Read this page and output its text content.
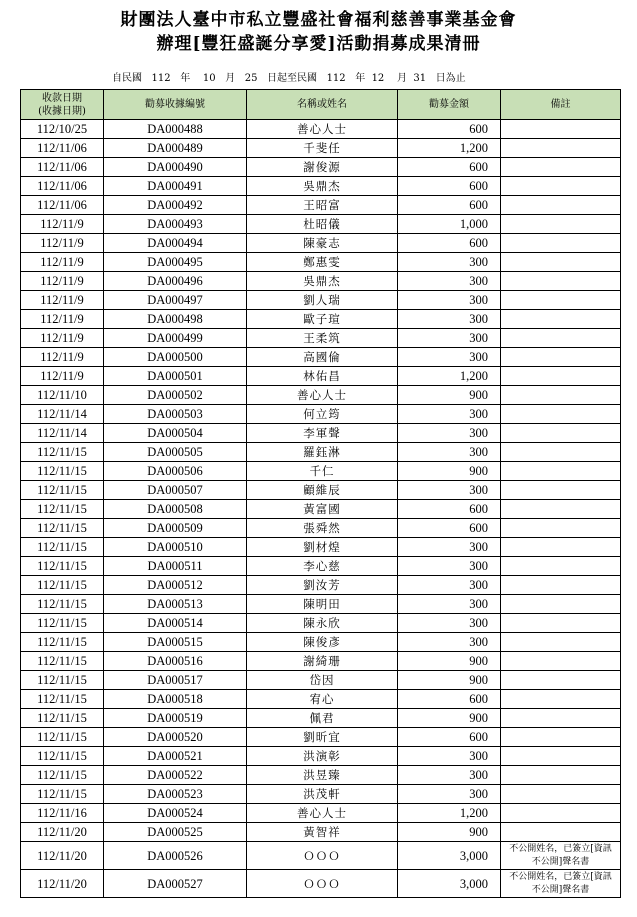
財團法人臺中市私立豐盛社會福利慈善事業基金會
辦理[豐狂盛誕分享愛]活動捐募成果清冊
自民國 112 年 10 月 25 日起至民國 112 年 12 月 31 日為止
收款日期
(收據日期)	勸募收據編號	名稱或姓名	勸募金額	備註
112/10/25	DA000488	善心人士	600	
112/11/06	DA000489	千斐任	1,200	
112/11/06	DA000490	謝俊源	600	
112/11/06	DA000491	吳鼎杰	600	
112/11/06	DA000492	王昭富	600	
112/11/9	DA000493	杜昭儀	1,000	
112/11/9	DA000494	陳豪志	600	
112/11/9	DA000495	鄭惠雯	300	
112/11/9	DA000496	吳鼎杰	300	
112/11/9	DA000497	劉人瑞	300	
112/11/9	DA000498	歐子瑄	300	
112/11/9	DA000499	王柔筑	300	
112/11/9	DA000500	高國倫	300	
112/11/9	DA000501	林佑昌	1,200	
112/11/10	DA000502	善心人士	900	
112/11/14	DA000503	何立筠	300	
112/11/14	DA000504	李軍聲	300	
112/11/15	DA000505	羅鈺淋	300	
112/11/15	DA000506	千仁	900	
112/11/15	DA000507	顧維辰	300	
112/11/15	DA000508	黃富國	600	
112/11/15	DA000509	張舜然	600	
112/11/15	DA000510	劉材煌	300	
112/11/15	DA000511	李心慈	300	
112/11/15	DA000512	劉汝芳	300	
112/11/15	DA000513	陳明田	300	
112/11/15	DA000514	陳永欣	300	
112/11/15	DA000515	陳俊彥	300	
112/11/15	DA000516	謝綺珊	900	
112/11/15	DA000517	岱因	900	
112/11/15	DA000518	宥心	600	
112/11/15	DA000519	佩君	900	
112/11/15	DA000520	劉昕宜	600	
112/11/15	DA000521	洪演彰	300	
112/11/15	DA000522	洪昱臻	300	
112/11/15	DA000523	洪茂軒	300	
112/11/16	DA000524	善心人士	1,200	
112/11/20	DA000525	黃智祥	900	
112/11/20	DA000526	ＯＯＯ	3,000	不公開姓名，已簽立[資訊
不公開]聲名書
112/11/20	DA000527	ＯＯＯ	3,000	不公開姓名，已簽立[資訊
不公開]聲名書
